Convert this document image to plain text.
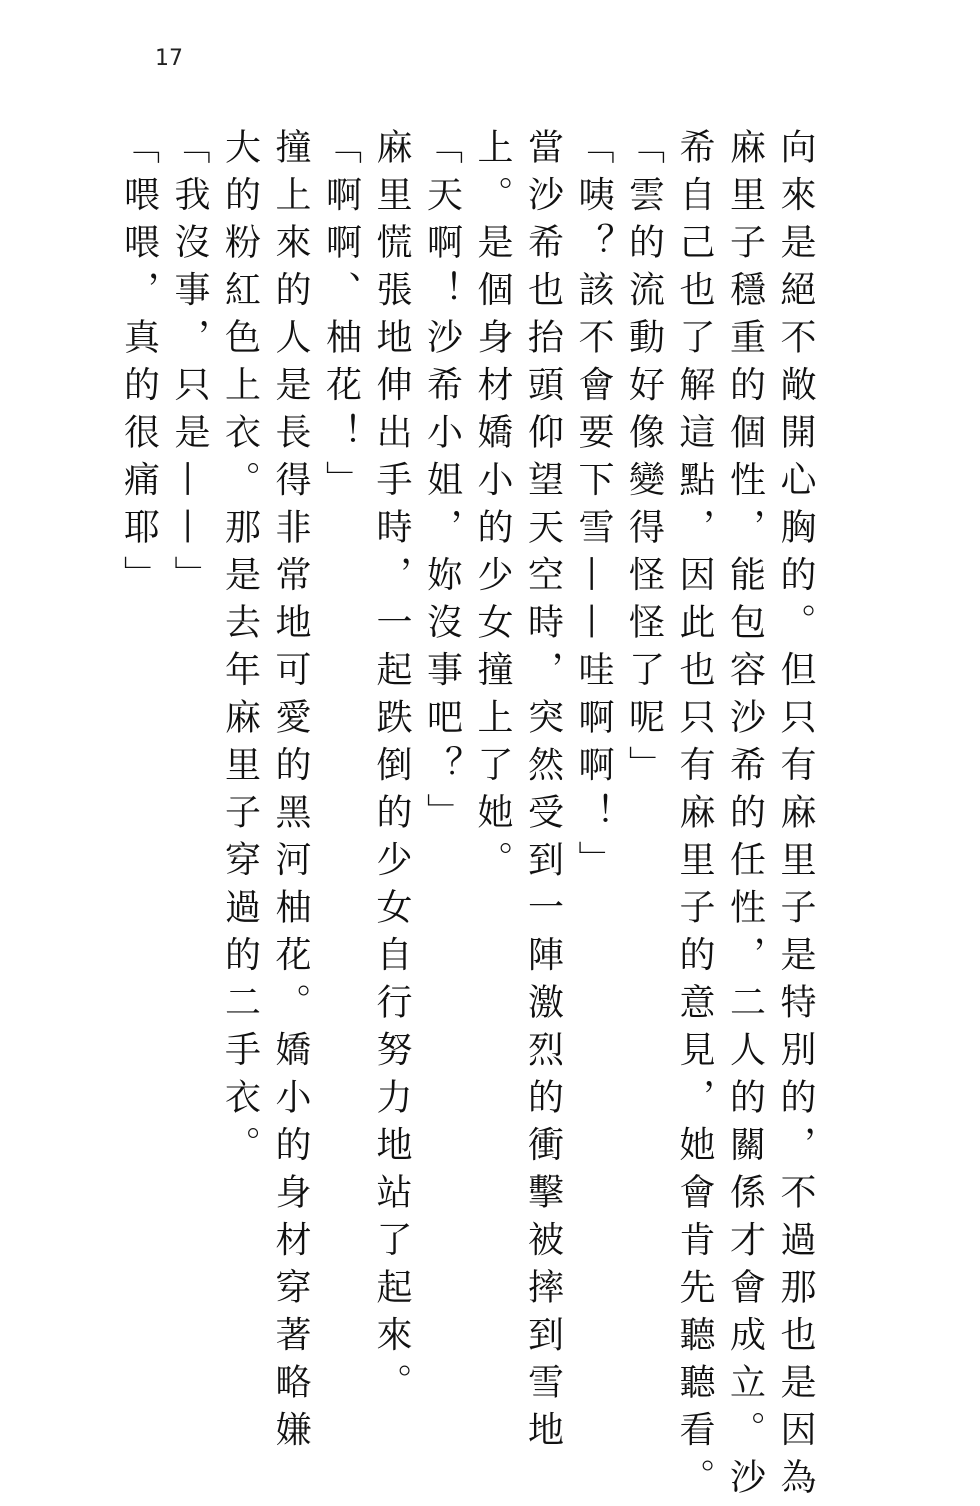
17
向來是絕不敞開心胸的。但只有麻里子是特別的，不過那也是因為
麻里子穩重的個性，能包容沙希的任性，二人的關係才會成立。沙
希自己也了解這點，因此也只有麻里子的意見，她會肯先聽聽看。
「雲的流動好像變得怪怪了呢」
「咦？該不會要下雪——哇啊啊！」
當沙希也抬頭仰望天空時，突然受到一陣激烈的衝擊被摔到雪地
上。是個身材嬌小的少女撞上了她。
「天啊！沙希小姐，妳沒事吧？」
麻里慌張地伸出手時，一起跌倒的少女自行努力地站了起來。
「啊啊、柚花！」
撞上來的人是長得非常地可愛的黑河柚花。嬌小的身材穿著略嫌
大的粉紅色上衣。那是去年麻里子穿過的二手衣。
「我沒事，只是——」
「喂喂，真的很痛耶」
